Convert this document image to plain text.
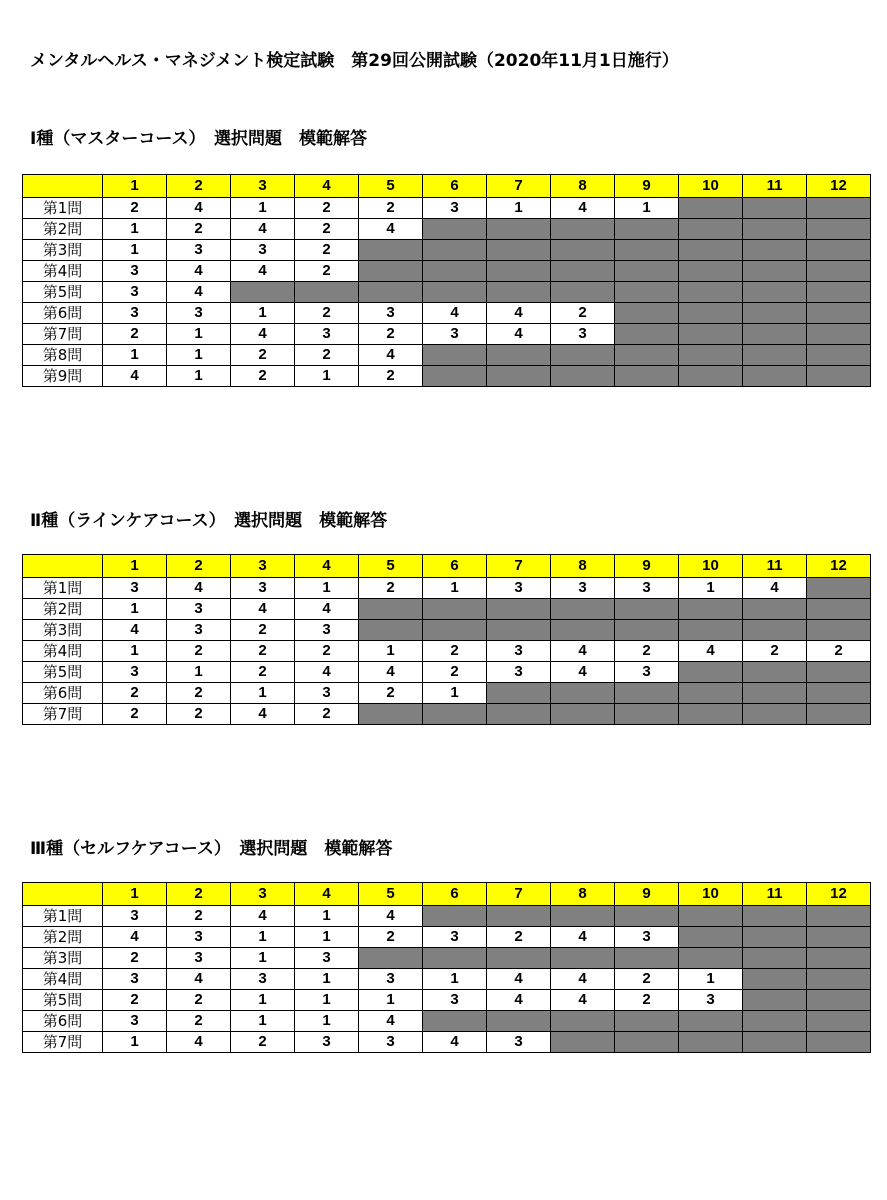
メンタルヘルス・マネジメント検定試験　第29回公開試験（2020年11月1日施行）
Ⅰ種（マスターコース）　選択問題　模範解答
	1	2	3	4	5	6	7	8	9	10	11	12
第1問	2	4	1	2	2	3	1	4	1			
第2問	1	2	4	2	4							
第3問	1	3	3	2								
第4問	3	4	4	2								
第5問	3	4										
第6問	3	3	1	2	3	4	4	2				
第7問	2	1	4	3	2	3	4	3				
第8問	1	1	2	2	4							
第9問	4	1	2	1	2							
Ⅱ種（ラインケアコース）　選択問題　模範解答
	1	2	3	4	5	6	7	8	9	10	11	12
第1問	3	4	3	1	2	1	3	3	3	1	4	
第2問	1	3	4	4								
第3問	4	3	2	3								
第4問	1	2	2	2	1	2	3	4	2	4	2	2
第5問	3	1	2	4	4	2	3	4	3			
第6問	2	2	1	3	2	1						
第7問	2	2	4	2								
Ⅲ種（セルフケアコース）　選択問題　模範解答
	1	2	3	4	5	6	7	8	9	10	11	12
第1問	3	2	4	1	4							
第2問	4	3	1	1	2	3	2	4	3			
第3問	2	3	1	3								
第4問	3	4	3	1	3	1	4	4	2	1		
第5問	2	2	1	1	1	3	4	4	2	3		
第6問	3	2	1	1	4							
第7問	1	4	2	3	3	4	3					
